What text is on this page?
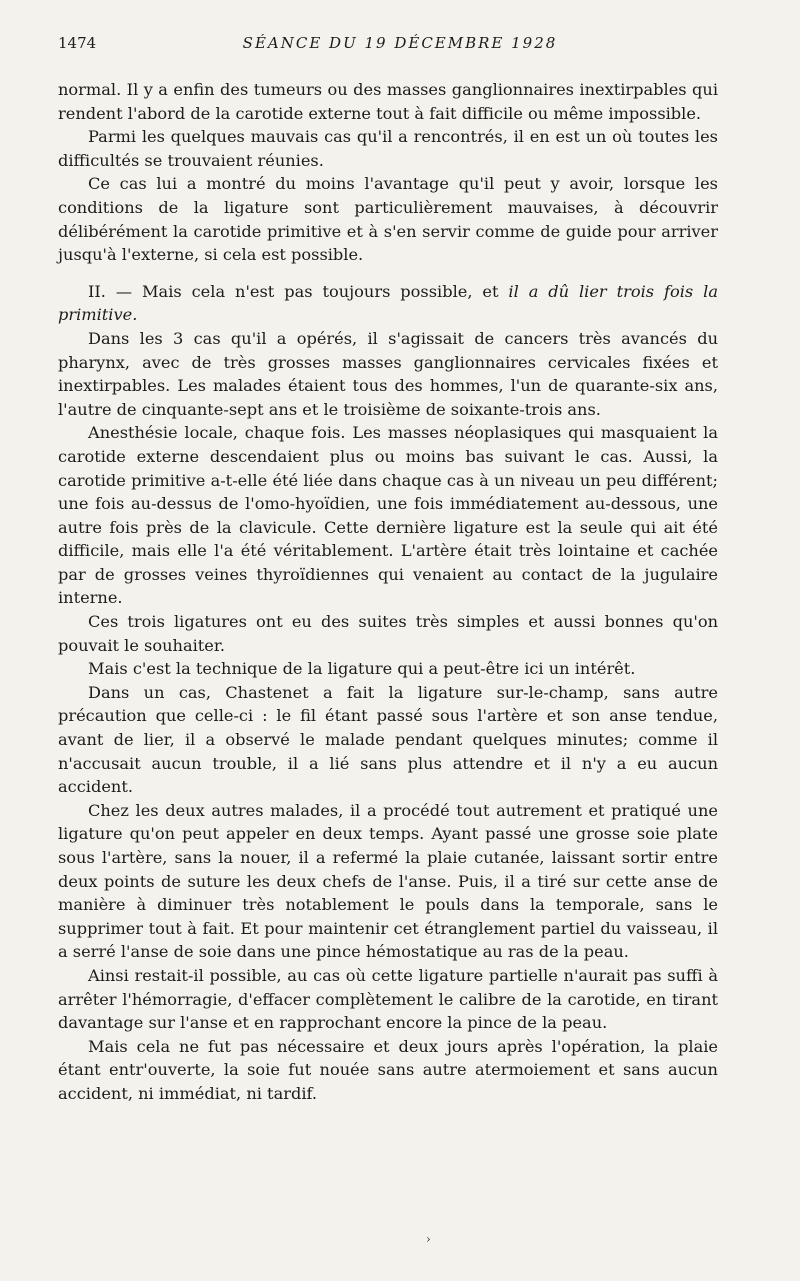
1474	SÉANCE DU 19 DÉCEMBRE 1928

normal. Il y a enfin des tumeurs ou des masses ganglionnaires inextirpables qui rendent l'abord de la carotide externe tout à fait difficile ou même impossible.

Parmi les quelques mauvais cas qu'il a rencontrés, il en est un où toutes les difficultés se trouvaient réunies.

Ce cas lui a montré du moins l'avantage qu'il peut y avoir, lorsque les conditions de la ligature sont particulièrement mauvaises, à découvrir délibérément la carotide primitive et à s'en servir comme de guide pour arriver jusqu'à l'externe, si cela est possible.

II. — Mais cela n'est pas toujours possible, et il a dû lier trois fois la primitive.

Dans les 3 cas qu'il a opérés, il s'agissait de cancers très avancés du pharynx, avec de très grosses masses ganglionnaires cervicales fixées et inextirpables. Les malades étaient tous des hommes, l'un de quarante-six ans, l'autre de cinquante-sept ans et le troisième de soixante-trois ans.

Anesthésie locale, chaque fois. Les masses néoplasiques qui masquaient la carotide externe descendaient plus ou moins bas suivant le cas. Aussi, la carotide primitive a-t-elle été liée dans chaque cas à un niveau un peu différent; une fois au-dessus de l'omo-hyoïdien, une fois immédiatement au-dessous, une autre fois près de la clavicule. Cette dernière ligature est la seule qui ait été difficile, mais elle l'a été véritablement. L'artère était très lointaine et cachée par de grosses veines thyroïdiennes qui venaient au contact de la jugulaire interne.

Ces trois ligatures ont eu des suites très simples et aussi bonnes qu'on pouvait le souhaiter.

Mais c'est la technique de la ligature qui a peut-être ici un intérêt.

Dans un cas, Chastenet a fait la ligature sur-le-champ, sans autre précaution que celle-ci : le fil étant passé sous l'artère et son anse tendue, avant de lier, il a observé le malade pendant quelques minutes; comme il n'accusait aucun trouble, il a lié sans plus attendre et il n'y a eu aucun accident.

Chez les deux autres malades, il a procédé tout autrement et pratiqué une ligature qu'on peut appeler en deux temps. Ayant passé une grosse soie plate sous l'artère, sans la nouer, il a refermé la plaie cutanée, laissant sortir entre deux points de suture les deux chefs de l'anse. Puis, il a tiré sur cette anse de manière à diminuer très notablement le pouls dans la temporale, sans le supprimer tout à fait. Et pour maintenir cet étranglement partiel du vaisseau, il a serré l'anse de soie dans une pince hémostatique au ras de la peau.

Ainsi restait-il possible, au cas où cette ligature partielle n'aurait pas suffi à arrêter l'hémorragie, d'effacer complètement le calibre de la carotide, en tirant davantage sur l'anse et en rapprochant encore la pince de la peau.

Mais cela ne fut pas nécessaire et deux jours après l'opération, la plaie étant entr'ouverte, la soie fut nouée sans autre atermoiement et sans aucun accident, ni immédiat, ni tardif.

›
